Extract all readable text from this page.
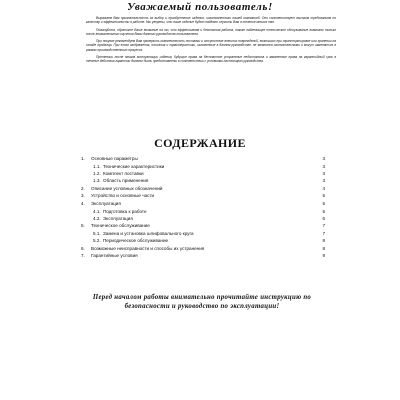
Уважаемый пользователь!

Выражаем Вам признательность за выбор и приобретение изделия, изготовленного нашей компанией. Оно соответствует высоким требованиям по качеству и эффективности в работе. Мы уверены, что наше изделие будет надёжно служить Вам в течение многих лет.

Пожалуйста, обратите Ваше внимание на то, что эффективная и безопасная работа, также надлежащее техническое обслуживание возможно только после внимательного изучения Вами данного руководства пользователя.

При покупке рекомендуем Вам проверить комплектность поставки и отсутствие внешних повреждений, возникших при транспортировке или хранении на складе продавца. При этом изображения, описания и характеристики, изложенные в данном руководстве, не являются окончательными и могут изменяться в рамках производственного процесса.

Претензии после начала эксплуатации изделия, будущие права на бесплатное устранение недостатков и заявленные права на гарантийный срок в течение действия гарантии должны быть предоставлены в соответствии с условиями настоящего руководства.

СОДЕРЖАНИЕ
1.	Основные параметры	3
1.1. Технические характеристики	3
1.2. Комплект поставки	3
1.3. Область применения	3
2.	Описание условных обозначений	4
3.	Устройство и основные части	5
4.	Эксплуатация	5
4.1. Подготовка к работе	5
4.2. Эксплуатация	6
5.	Техническое обслуживание	7
5.1. Замена и установка шлифовального круга	7
5.2. Периодическое обслуживание	8
6.	Возможные неисправности и способы их устранения	8
7.	Гарантийные условия	9
Перед началом работы внимательно прочитайте инструкцию по безопасности и руководство по эксплуатации!
